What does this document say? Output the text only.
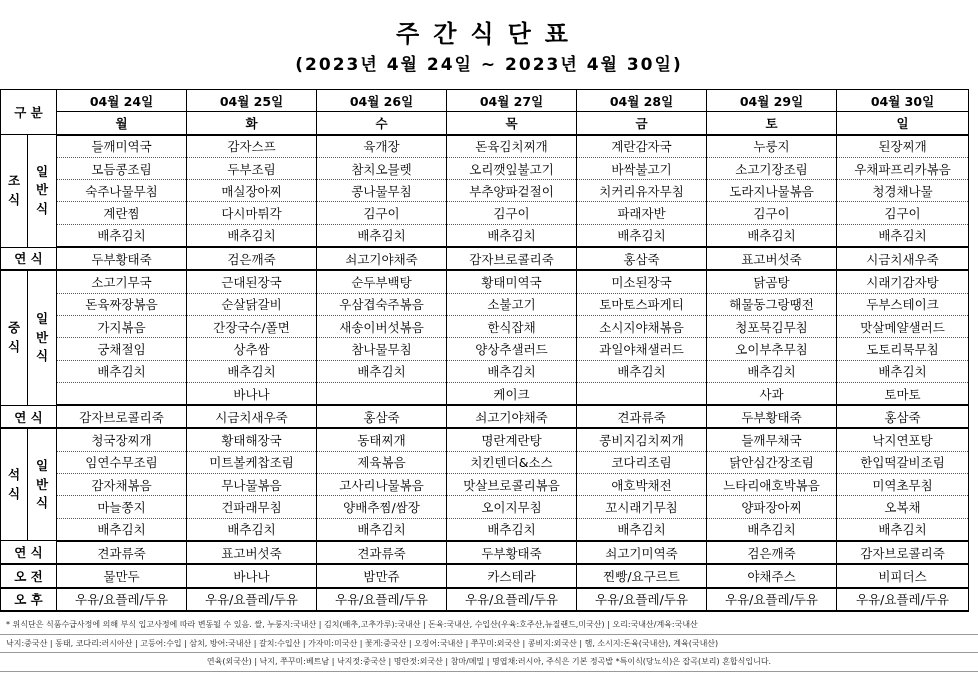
주간식단표
(2023년 4월 24일 ~ 2023년 4월 30일)
구 분		04월 24일	04월 25일	04월 26일	04월 27일	04월 28일	04월 29일	04월 30일
		월	화	수	목	금	토	일
조식	일반식	들깨미역국	감자스프	육개장	돈육김치찌개	계란감자국	누룽지	된장찌개
		모듬콩조림	두부조림	참치오믈렛	오리깻잎불고기	바싹불고기	소고기장조림	우채파프리카볶음
		숙주나물무침	매실장아찌	콩나물무침	부추양파겉절이	치커리유자무침	도라지나물볶음	청경채나물
		계란찜	다시마튀각	김구이	김구이	파래자반	김구이	김구이
		배추김치	배추김치	배추김치	배추김치	배추김치	배추김치	배추김치
연 식		두부황태죽	검은깨죽	쇠고기야채죽	감자브로콜리죽	홍삼죽	표고버섯죽	시금치새우죽
중식	일반식	소고기무국	근대된장국	순두부백탕	황태미역국	미소된장국	닭곰탕	시래기감자탕
		돈육짜장볶음	순살닭갈비	우삼겹숙주볶음	소불고기	토마토스파게티	해물동그랑땡전	두부스테이크
		가지볶음	간장국수/폴면	새송이버섯볶음	한식잡채	소시지야채볶음	청포묵김무침	맛살메얄샐러드
		궁채절임	상추쌈	참나물무침	양상추샐러드	과일야채샐러드	오이부추무침	도토리묵무침
		배추김치	배추김치	배추김치	배추김치	배추김치	배추김치	배추김치
			바나나		케이크		사과	토마토
연 식		감자브로콜리죽	시금치새우죽	홍삼죽	쇠고기야채죽	견과류죽	두부황태죽	홍삼죽
석식	일반식	청국장찌개	황태해장국	동태찌개	명란계란탕	콩비지김치찌개	들깨무채국	낙지연포탕
		임연수무조림	미트볼케찹조림	제육볶음	치킨텐더&소스	코다리조림	닭안심간장조림	한입떡갈비조림
		감자채볶음	무나물볶음	고사리나물볶음	맛살브로콜리볶음	애호박채전	느타리애호박볶음	미역초무침
		마늘쫑지	건파래무침	양배추찜/쌈장	오이지무침	꼬시래기무침	양파장아찌	오복채
		배추김치	배추김치	배추김치	배추김치	배추김치	배추김치	배추김치
연 식		견과류죽	표고버섯죽	견과류죽	두부황태죽	쇠고기미역죽	검은깨죽	감자브로콜리죽
오 전		물만두	바나나	밤만쥬	카스테라	찐빵/요구르트	야채주스	비피더스
오 후		우유/요플레/두유	우유/요플레/두유	우유/요플레/두유	우유/요플레/두유	우유/요플레/두유	우유/요플레/두유	우유/요플레/두유
* 위식단은 식품수급사정에 의해 부식 입고사정에 따라 변동될 수 있음. 쌀, 누룽지:국내산 | 김치(배추,고추가루):국내산 | 돈육:국내산, 수입산(우육:호주산,뉴질랜드,미국산) | 오리:국내산/계육:국내산
낙지:중국산 | 동태, 코다리:러시아산 | 고등어:수입 | 삼치, 방어:국내산 | 갈치:수입산 | 가자미:미국산 | 꽃게:중국산 | 오징어:국내산 | 쭈꾸미:외국산 | 콩비지:외국산 | 햄, 소시지:돈육(국내산), 계육(국내산)
연육(외국산) | 낙지, 쭈꾸미:베트남 | 낙지젓:중국산 | 명란젓:외국산 | 참마/메밀 | 명엽채:러시아, 주식은 기본 정곡밥 *특이식(당뇨식)은 잡곡(보리) 혼합식입니다.
